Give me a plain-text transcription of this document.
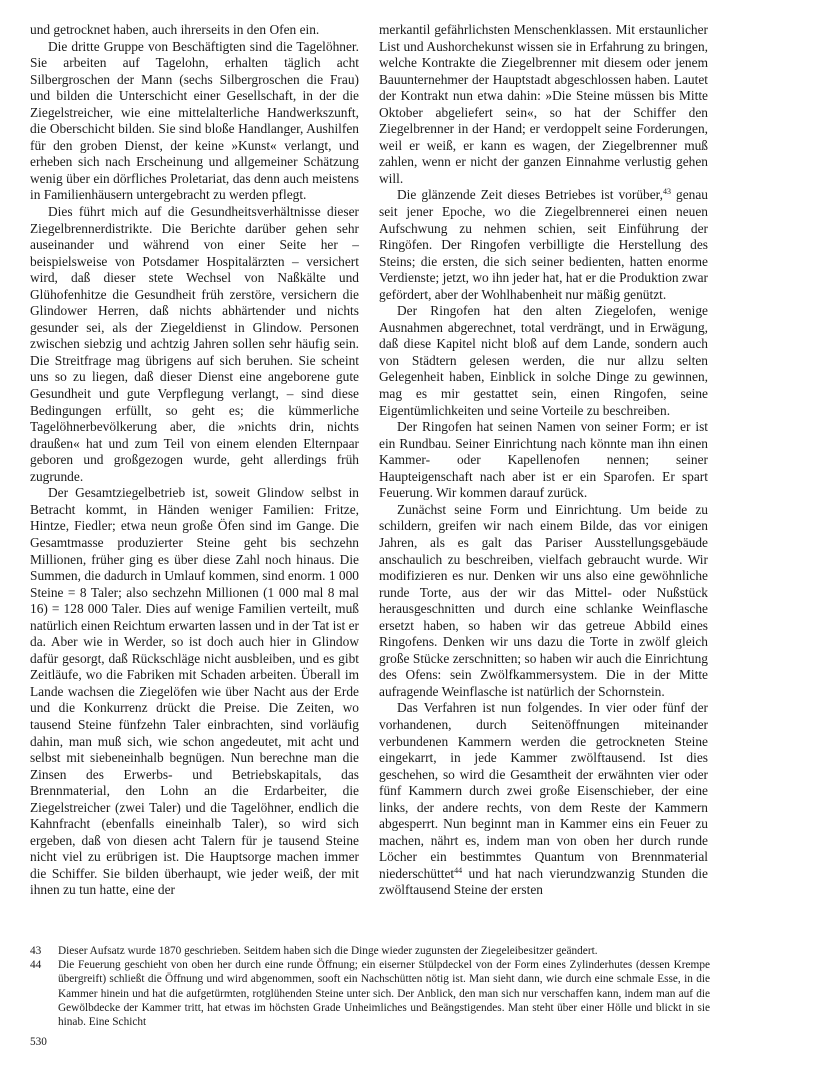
und getrocknet haben, auch ihrerseits in den Ofen ein.

Die dritte Gruppe von Beschäftigten sind die Tagelöhner. Sie arbeiten auf Tagelohn, erhalten täglich acht Silbergroschen der Mann (sechs Silbergroschen die Frau) und bilden die Unterschicht einer Gesellschaft, in der die Ziegelstreicher, wie eine mittelalterliche Handwerkszunft, die Oberschicht bilden. Sie sind bloße Handlanger, Aushilfen für den groben Dienst, der keine »Kunst« verlangt, und erheben sich nach Erscheinung und allgemeiner Schätzung wenig über ein dörfliches Proletariat, das denn auch meistens in Familienhäusern untergebracht zu werden pflegt.

Dies führt mich auf die Gesundheitsverhältnisse dieser Ziegelbrennerdistrikte. Die Berichte darüber gehen sehr auseinander und während von einer Seite her – beispielsweise von Potsdamer Hospitalärzten – versichert wird, daß dieser stete Wechsel von Naßkälte und Glühofenhitze die Gesundheit früh zerstöre, versichern die Glindower Herren, daß nichts abhärtender und nichts gesunder sei, als der Ziegeldienst in Glindow. Personen zwischen siebzig und achtzig Jahren sollen sehr häufig sein. Die Streitfrage mag übrigens auf sich beruhen. Sie scheint uns so zu liegen, daß dieser Dienst eine angeborene gute Gesundheit und gute Verpflegung verlangt, – sind diese Bedingungen erfüllt, so geht es; die kümmerliche Tagelöhnerbevölkerung aber, die »nichts drin, nichts draußen« hat und zum Teil von einem elenden Elternpaar geboren und großgezogen wurde, geht allerdings früh zugrunde.

Der Gesamtziegelbetrieb ist, soweit Glindow selbst in Betracht kommt, in Händen weniger Familien: Fritze, Hintze, Fiedler; etwa neun große Öfen sind im Gange. Die Gesamtmasse produzierter Steine geht bis sechzehn Millionen, früher ging es über diese Zahl noch hinaus. Die Summen, die dadurch in Umlauf kommen, sind enorm. 1 000 Steine = 8 Taler; also sechzehn Millionen (1 000 mal 8 mal 16) = 128 000 Taler. Dies auf wenige Familien verteilt, muß natürlich einen Reichtum erwarten lassen und in der Tat ist er da. Aber wie in Werder, so ist doch auch hier in Glindow dafür gesorgt, daß Rückschläge nicht ausbleiben, und es gibt Zeitläufe, wo die Fabriken mit Schaden arbeiten. Überall im Lande wachsen die Ziegelöfen wie über Nacht aus der Erde und die Konkurrenz drückt die Preise. Die Zeiten, wo tausend Steine fünfzehn Taler einbrachten, sind vorläufig dahin, man muß sich, wie schon angedeutet, mit acht und selbst mit siebeneinhalb begnügen. Nun berechne man die Zinsen des Erwerbs- und Betriebskapitals, das Brennmaterial, den Lohn an die Erdarbeiter, die Ziegelstreicher (zwei Taler) und die Tagelöhner, endlich die Kahnfracht (ebenfalls eineinhalb Taler), so wird sich ergeben, daß von diesen acht Talern für je tausend Steine nicht viel zu erübrigen ist. Die Hauptsorge machen immer die Schiffer. Sie bilden überhaupt, wie jeder weiß, der mit ihnen zu tun hatte, eine der

merkantil gefährlichsten Menschenklassen. Mit erstaunlicher List und Aushorchekunst wissen sie in Erfahrung zu bringen, welche Kontrakte die Ziegelbrenner mit diesem oder jenem Bauunternehmer der Hauptstadt abgeschlossen haben. Lautet der Kontrakt nun etwa dahin: »Die Steine müssen bis Mitte Oktober abgeliefert sein«, so hat der Schiffer den Ziegelbrenner in der Hand; er verdoppelt seine Forderungen, weil er weiß, er kann es wagen, der Ziegelbrenner muß zahlen, wenn er nicht der ganzen Einnahme verlustig gehen will.

Die glänzende Zeit dieses Betriebes ist vorüber,$^{43}$ genau seit jener Epoche, wo die Ziegelbrennerei einen neuen Aufschwung zu nehmen schien, seit Einführung der Ringöfen. Der Ringofen verbilligte die Herstellung des Steins; die ersten, die sich seiner bedienten, hatten enorme Verdienste; jetzt, wo ihn jeder hat, hat er die Produktion zwar gefördert, aber der Wohlhabenheit nur mäßig genützt.

Der Ringofen hat den alten Ziegelofen, wenige Ausnahmen abgerechnet, total verdrängt, und in Erwägung, daß diese Kapitel nicht bloß auf dem Lande, sondern auch von Städtern gelesen werden, die nur allzu selten Gelegenheit haben, Einblick in solche Dinge zu gewinnen, mag es mir gestattet sein, einen Ringofen, seine Eigentümlichkeiten und seine Vorteile zu beschreiben.

Der Ringofen hat seinen Namen von seiner Form; er ist ein Rundbau. Seiner Einrichtung nach könnte man ihn einen Kammer- oder Kapellenofen nennen; seiner Haupteigenschaft nach aber ist er ein Sparofen. Er spart Feuerung. Wir kommen darauf zurück.

Zunächst seine Form und Einrichtung. Um beide zu schildern, greifen wir nach einem Bilde, das vor einigen Jahren, als es galt das Pariser Ausstellungsgebäude anschaulich zu beschreiben, vielfach gebraucht wurde. Wir modifizieren es nur. Denken wir uns also eine gewöhnliche runde Torte, aus der wir das Mittel- oder Nußstück herausgeschnitten und durch eine schlanke Weinflasche ersetzt haben, so haben wir das getreue Abbild eines Ringofens. Denken wir uns dazu die Torte in zwölf gleich große Stücke zerschnitten; so haben wir auch die Einrichtung des Ofens: sein Zwölfkammersystem. Die in der Mitte aufragende Weinflasche ist natürlich der Schornstein.

Das Verfahren ist nun folgendes. In vier oder fünf der vorhandenen, durch Seitenöffnungen miteinander verbundenen Kammern werden die getrockneten Steine eingekarrt, in jede Kammer zwölftausend. Ist dies geschehen, so wird die Gesamtheit der erwähnten vier oder fünf Kammern durch zwei große Eisenschieber, der eine links, der andere rechts, von dem Reste der Kammern abgesperrt. Nun beginnt man in Kammer eins ein Feuer zu machen, nährt es, indem man von oben her durch runde Löcher ein bestimmtes Quantum von Brennmaterial niederschüttet$^{44}$ und hat nach vierundzwanzig Stunden die zwölftausend Steine der ersten

43 Dieser Aufsatz wurde 1870 geschrieben. Seitdem haben sich die Dinge wieder zugunsten der Ziegeleibesitzer geändert.

44 Die Feuerung geschieht von oben her durch eine runde Öffnung; ein eiserner Stülpdeckel von der Form eines Zylinderhutes (dessen Krempe übergreift) schließt die Öffnung und wird abgenommen, sooft ein Nachschütten nötig ist. Man sieht dann, wie durch eine schmale Esse, in die Kammer hinein und hat die aufgetürmten, rotglühenden Steine unter sich. Der Anblick, den man sich nur verschaffen kann, indem man auf die Gewölbdecke der Kammer tritt, hat etwas im höchsten Grade Unheimliches und Beängstigendes. Man steht über einer Hölle und blickt in sie hinab. Eine Schicht

530
